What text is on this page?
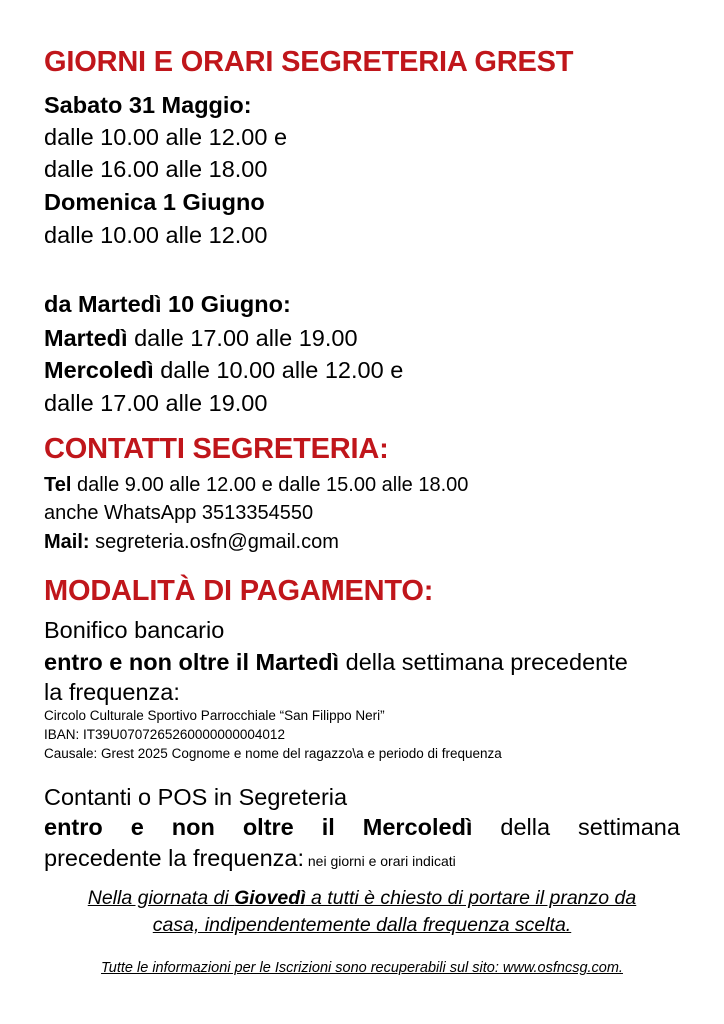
GIORNI E ORARI SEGRETERIA GREST
Sabato 31 Maggio:
dalle 10.00 alle 12.00 e
dalle 16.00 alle 18.00
Domenica 1 Giugno
dalle 10.00 alle 12.00
da Martedì 10 Giugno:
Martedì dalle 17.00 alle 19.00
Mercoledì dalle 10.00 alle 12.00 e
dalle 17.00 alle 19.00
CONTATTI SEGRETERIA:
Tel dalle 9.00 alle 12.00 e dalle 15.00 alle 18.00
anche WhatsApp 3513354550
Mail: segreteria.osfn@gmail.com
MODALITÀ DI PAGAMENTO:
Bonifico bancario
entro e non oltre il Martedì della settimana precedente
la frequenza:
Circolo Culturale Sportivo Parrocchiale “San Filippo Neri”
IBAN: IT39U0707265260000000004012
Causale: Grest 2025 Cognome e nome del ragazzo\a e periodo di frequenza
Contanti o POS in Segreteria
entro e non oltre il Mercoledì della settimana
precedente la frequenza: nei giorni e orari indicati
Nella giornata di Giovedì a tutti è chiesto di portare il pranzo da
casa, indipendentemente dalla frequenza scelta.
Tutte le informazioni per le Iscrizioni sono recuperabili sul sito: www.osfncsg.com.
